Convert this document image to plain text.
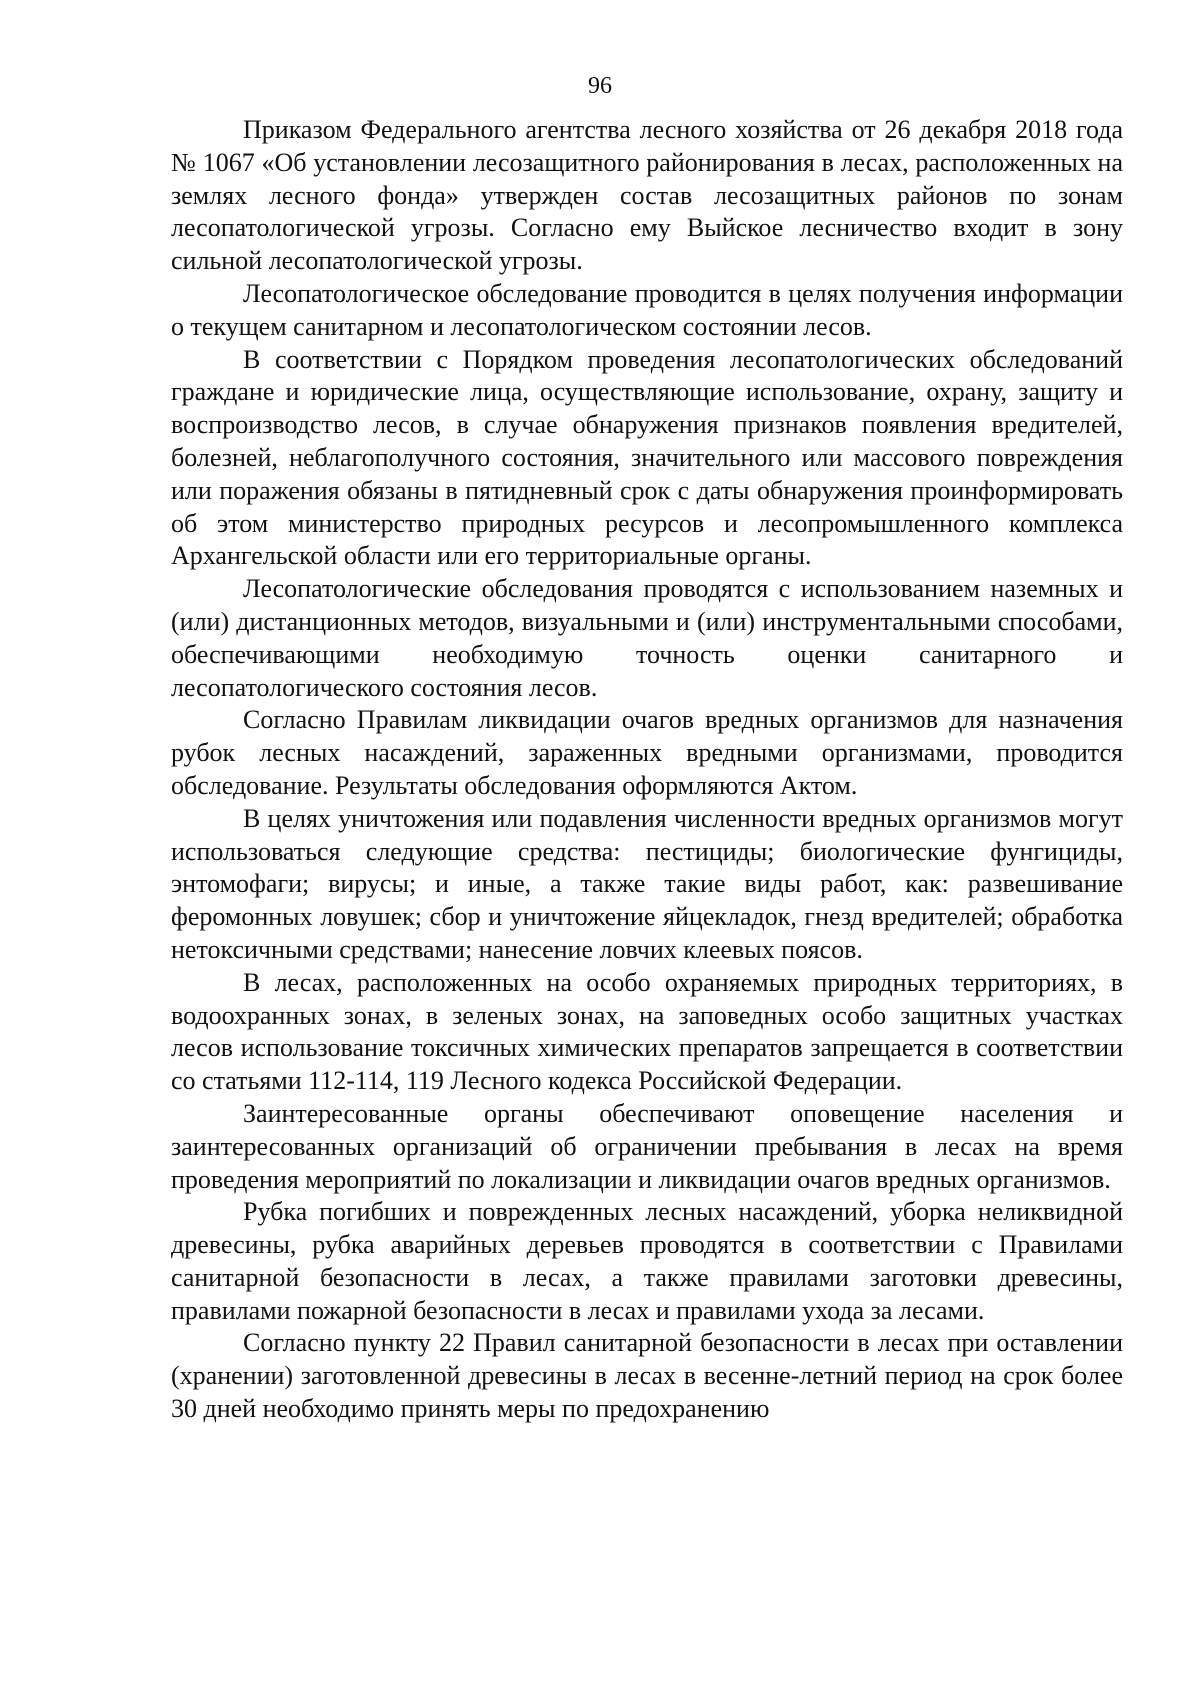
96

Приказом Федерального агентства лесного хозяйства от 26 декабря 2018 года № 1067 «Об установлении лесозащитного районирования в лесах, расположенных на землях лесного фонда» утвержден состав лесозащитных районов по зонам лесопатологической угрозы. Согласно ему Выйское лесничество входит в зону сильной лесопатологической угрозы.

Лесопатологическое обследование проводится в целях получения информации о текущем санитарном и лесопатологическом состоянии лесов.

В соответствии с Порядком проведения лесопатологических обследований граждане и юридические лица, осуществляющие использование, охрану, защиту и воспроизводство лесов, в случае обнаружения признаков появления вредителей, болезней, неблагополучного состояния, значительного или массового повреждения или поражения обязаны в пятидневный срок с даты обнаружения проинформировать об этом министерство природных ресурсов и лесопромышленного комплекса Архангельской области или его территориальные органы.

Лесопатологические обследования проводятся с использованием наземных и (или) дистанционных методов, визуальными и (или) инструментальными способами, обеспечивающими необходимую точность оценки санитарного и лесопатологического состояния лесов.

Согласно Правилам ликвидации очагов вредных организмов для назначения рубок лесных насаждений, зараженных вредными организмами, проводится обследование. Результаты обследования оформляются Актом.

В целях уничтожения или подавления численности вредных организмов могут использоваться следующие средства: пестициды; биологические фунгициды, энтомофаги; вирусы; и иные, а также такие виды работ, как: развешивание феромонных ловушек; сбор и уничтожение яйцекладок, гнезд вредителей; обработка нетоксичными средствами; нанесение ловчих клеевых поясов.

В лесах, расположенных на особо охраняемых природных территориях, в водоохранных зонах, в зеленых зонах, на заповедных особо защитных участках лесов использование токсичных химических препаратов запрещается в соответствии со статьями 112-114, 119 Лесного кодекса Российской Федерации.

Заинтересованные органы обеспечивают оповещение населения и заинтересованных организаций об ограничении пребывания в лесах на время проведения мероприятий по локализации и ликвидации очагов вредных организмов.

Рубка погибших и поврежденных лесных насаждений, уборка неликвидной древесины, рубка аварийных деревьев проводятся в соответствии с Правилами санитарной безопасности в лесах, а также правилами заготовки древесины, правилами пожарной безопасности в лесах и правилами ухода за лесами.

Согласно пункту 22 Правил санитарной безопасности в лесах при оставлении (хранении) заготовленной древесины в лесах в весенне-летний период на срок более 30 дней необходимо принять меры по предохранению
